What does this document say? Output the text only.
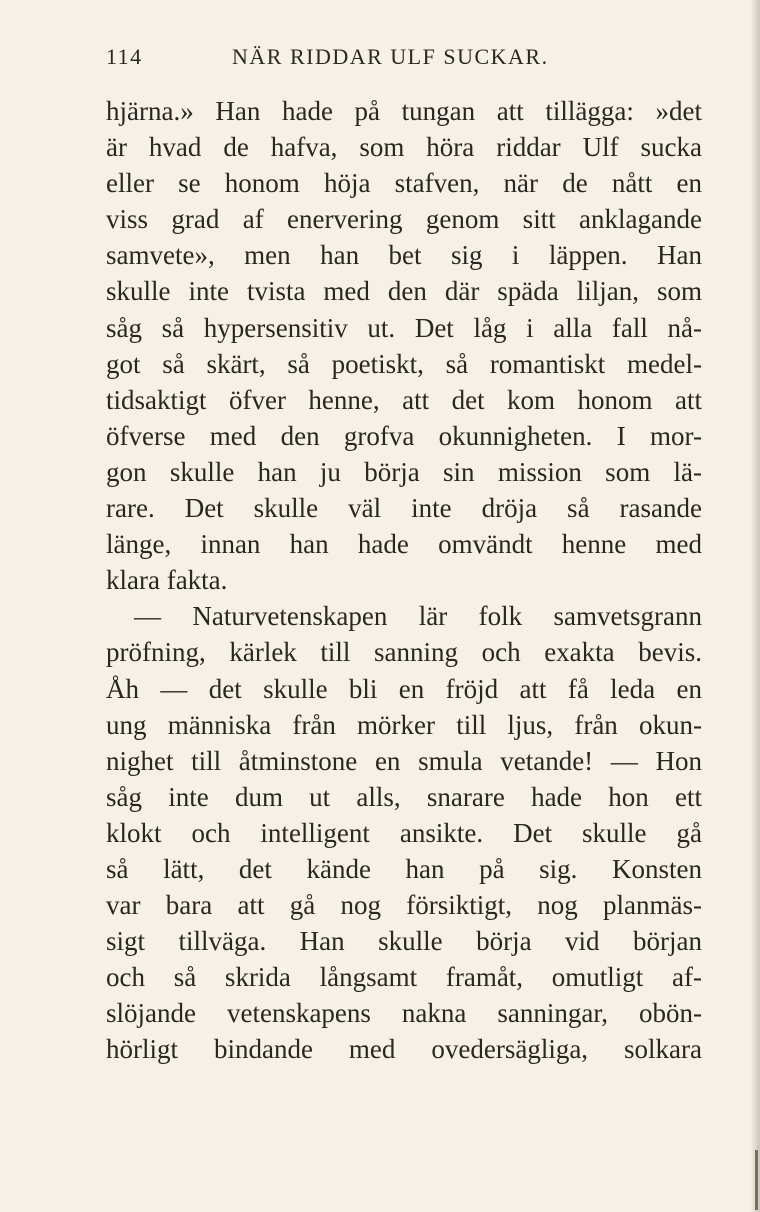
114	NÄR RIDDAR ULF SUCKAR.
hjärna.» Han hade på tungan att tillägga: »det
är hvad de hafva, som höra riddar Ulf sucka
eller se honom höja stafven, när de nått en
viss grad af enervering genom sitt anklagande
samvete», men han bet sig i läppen. Han
skulle inte tvista med den där späda liljan, som
såg så hypersensitiv ut. Det låg i alla fall nå-
got så skärt, så poetiskt, så romantiskt medel-
tidsaktigt öfver henne, att det kom honom att
öfverse med den grofva okunnigheten. I mor-
gon skulle han ju börja sin mission som lä-
rare. Det skulle väl inte dröja så rasande
länge, innan han hade omvändt henne med
klara fakta.
— Naturvetenskapen lär folk samvetsgrann
pröfning, kärlek till sanning och exakta bevis.
Åh — det skulle bli en fröjd att få leda en
ung människa från mörker till ljus, från okun-
nighet till åtminstone en smula vetande! — Hon
såg inte dum ut alls, snarare hade hon ett
klokt och intelligent ansikte. Det skulle gå
så lätt, det kände han på sig. Konsten
var bara att gå nog försiktigt, nog planmäs-
sigt tillväga. Han skulle börja vid början
och så skrida långsamt framåt, omutligt af-
slöjande vetenskapens nakna sanningar, obön-
hörligt bindande med ovedersägliga, solkara
